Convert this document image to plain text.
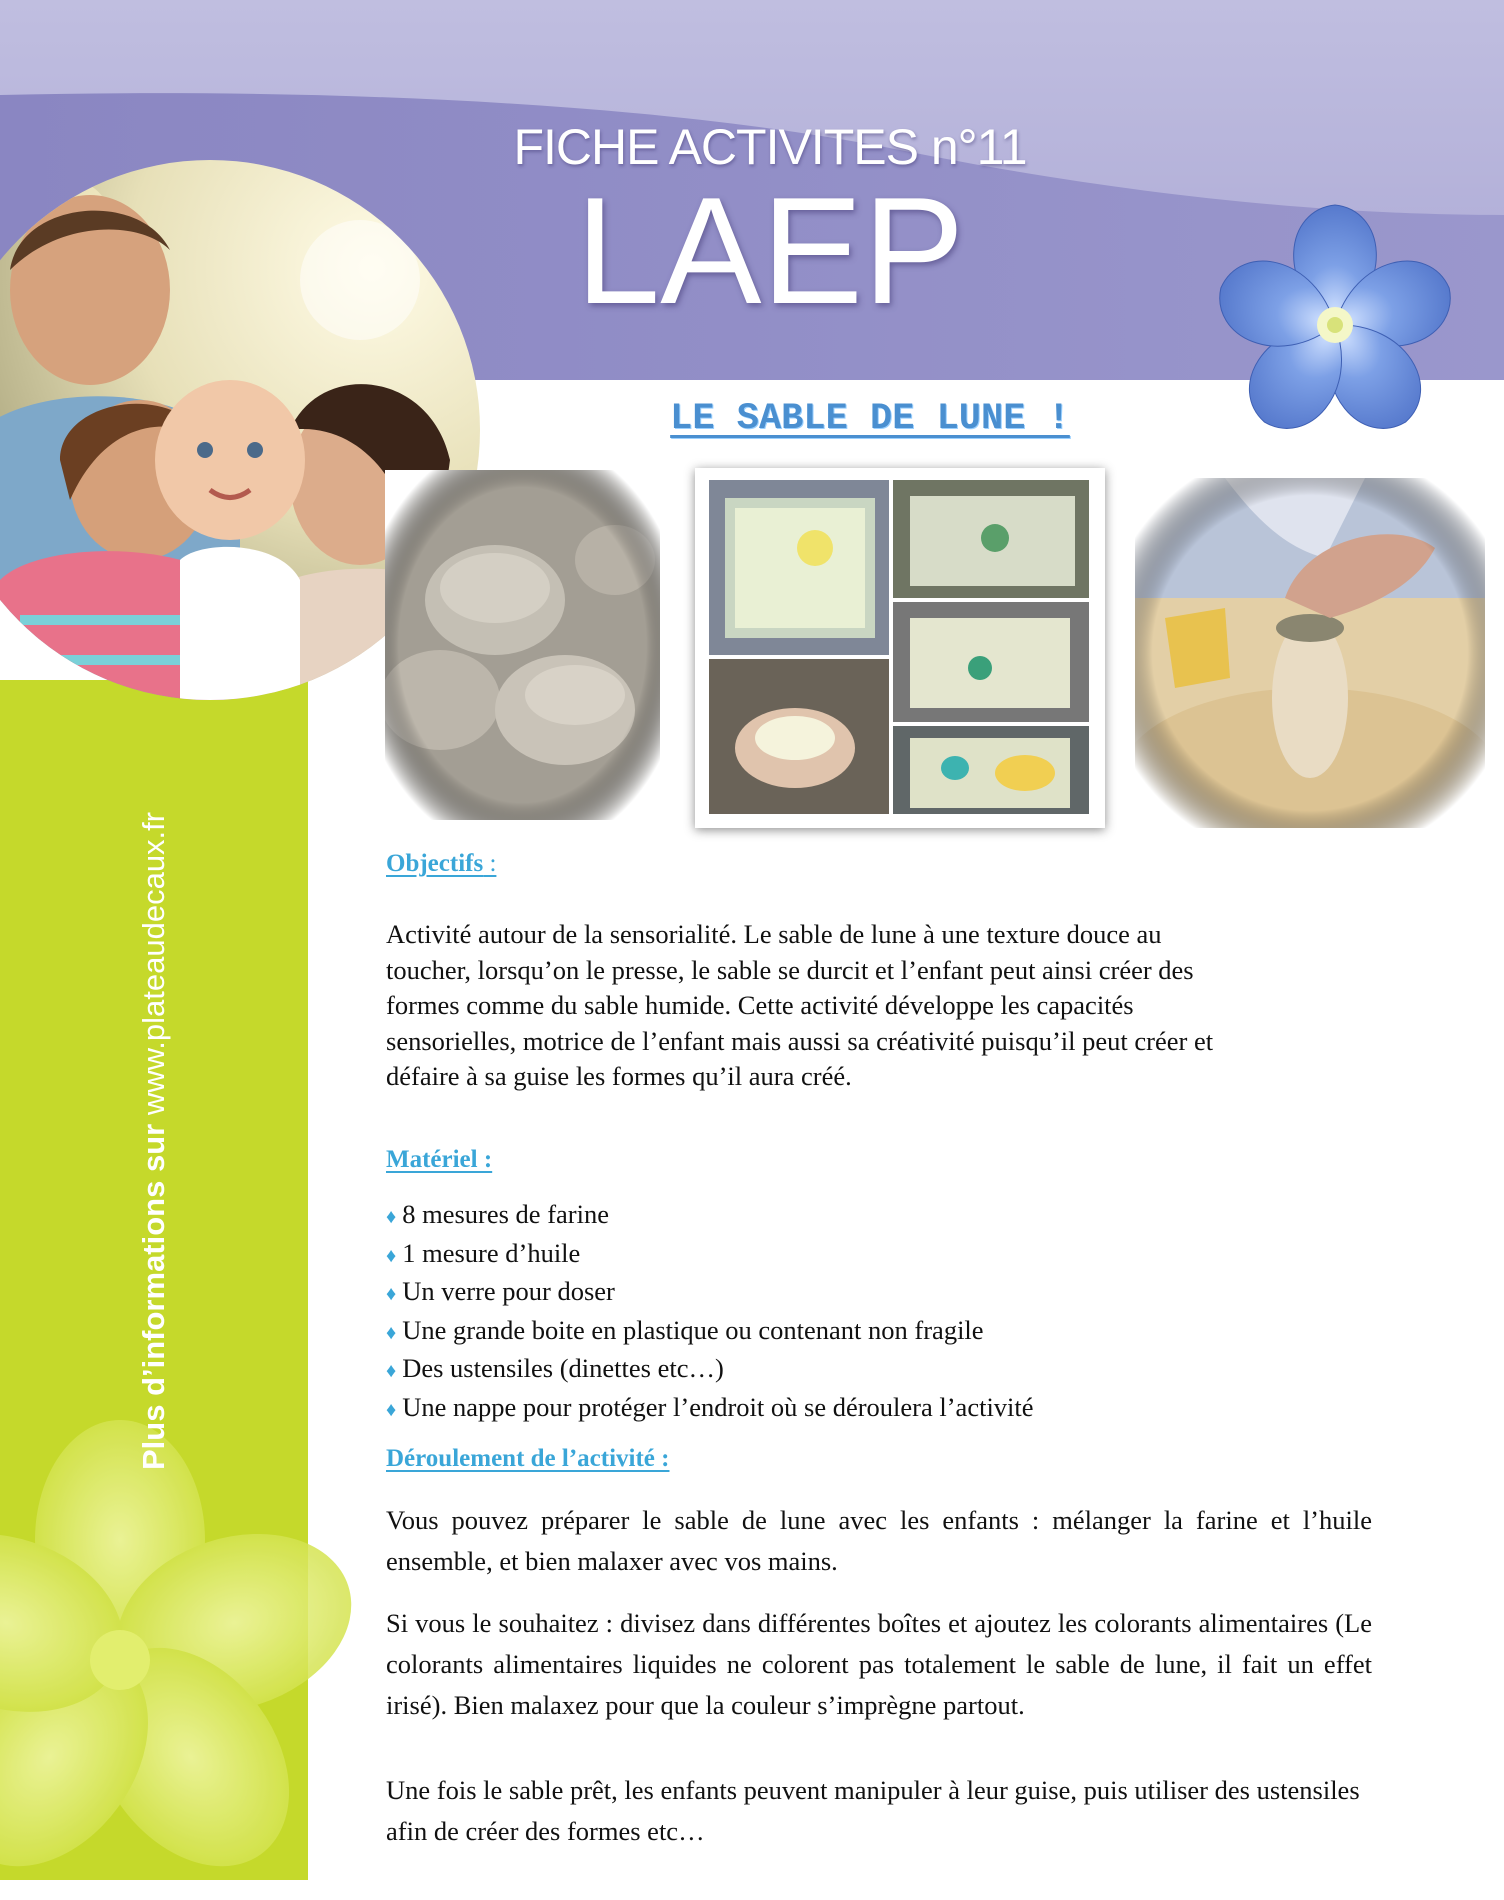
Plus d’informations sur www.plateaudecaux.fr
FICHE ACTIVITES n°11
LAEP
LE SABLE DE LUNE !
Objectifs :
Activité autour de la sensorialité. Le sable de lune à une texture douce au
toucher, lorsqu’on le presse, le sable se durcit et l’enfant peut ainsi créer des
formes comme du sable humide. Cette activité développe les capacités
sensorielles, motrice de l’enfant mais aussi sa créativité puisqu’il peut créer et
défaire à sa guise les formes qu’il aura créé.
Matériel :
♦ 8 mesures de farine
♦ 1 mesure d’huile
♦ Un verre pour doser
♦ Une grande boite en plastique ou contenant non fragile
♦ Des ustensiles (dinettes etc…)
♦ Une nappe pour protéger l’endroit où se déroulera l’activité
Déroulement de l’activité :
Vous pouvez préparer le sable de lune avec les enfants : mélanger la farine et l’huile ensemble, et bien malaxer avec vos mains.
Si vous le souhaitez : divisez dans différentes boîtes et ajoutez les colorants alimentaires (Le colorants alimentaires liquides ne colorent pas totalement le sable de lune, il fait un effet irisé). Bien malaxez pour que la couleur s’imprègne partout.
Une fois le sable prêt, les enfants peuvent manipuler à leur guise, puis utiliser des ustensiles afin de créer des formes etc…
